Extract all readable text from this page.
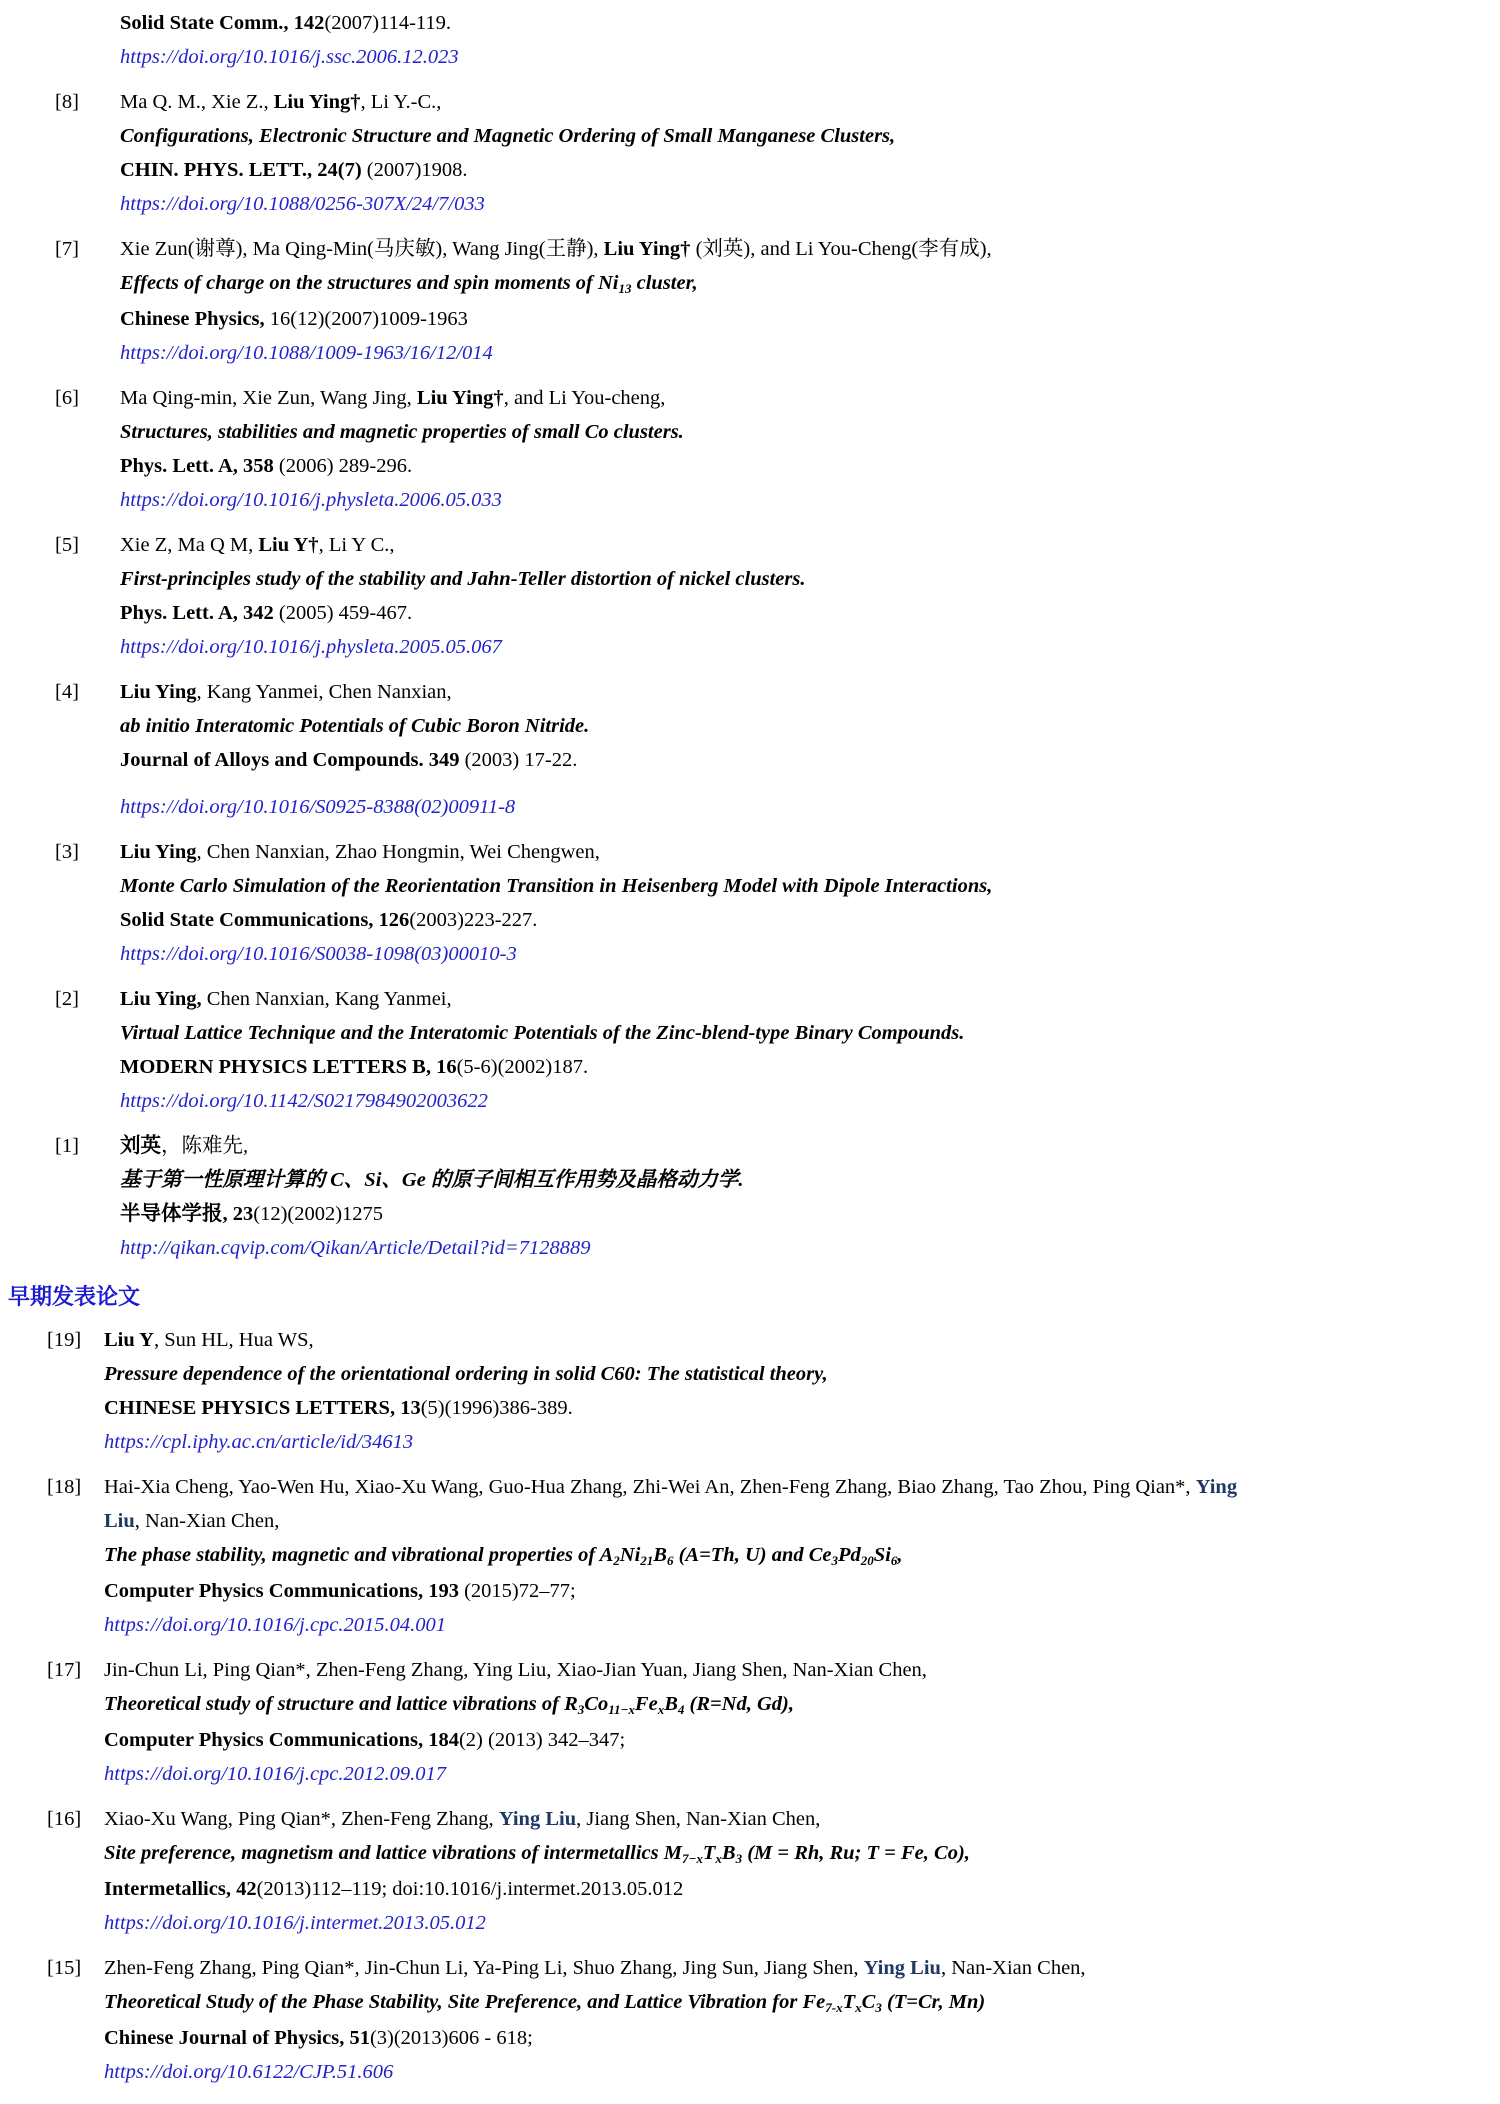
Solid State Comm., 142(2007)114-119.
https://doi.org/10.1016/j.ssc.2006.12.023
[8] Ma Q. M., Xie Z., Liu Ying†, Li Y.-C.,
Configurations, Electronic Structure and Magnetic Ordering of Small Manganese Clusters,
CHIN. PHYS. LETT., 24(7) (2007)1908.
https://doi.org/10.1088/0256-307X/24/7/033
[7] Xie Zun(谢尊), Ma Qing-Min(马庆敏), Wang Jing(王静), Liu Ying† (刘英), and Li You-Cheng(李有成),
Effects of charge on the structures and spin moments of Ni13 cluster,
Chinese Physics, 16(12)(2007)1009-1963
https://doi.org/10.1088/1009-1963/16/12/014
[6] Ma Qing-min, Xie Zun, Wang Jing, Liu Ying†, and Li You-cheng,
Structures, stabilities and magnetic properties of small Co clusters.
Phys. Lett. A, 358 (2006) 289-296.
https://doi.org/10.1016/j.physleta.2006.05.033
[5] Xie Z, Ma Q M, Liu Y†, Li Y C.,
First-principles study of the stability and Jahn-Teller distortion of nickel clusters.
Phys. Lett. A, 342 (2005) 459-467.
https://doi.org/10.1016/j.physleta.2005.05.067
[4] Liu Ying, Kang Yanmei, Chen Nanxian,
ab initio Interatomic Potentials of Cubic Boron Nitride.
Journal of Alloys and Compounds. 349 (2003) 17-22.
https://doi.org/10.1016/S0925-8388(02)00911-8
[3] Liu Ying, Chen Nanxian, Zhao Hongmin, Wei Chengwen,
Monte Carlo Simulation of the Reorientation Transition in Heisenberg Model with Dipole Interactions,
Solid State Communications, 126(2003)223-227.
https://doi.org/10.1016/S0038-1098(03)00010-3
[2] Liu Ying, Chen Nanxian, Kang Yanmei,
Virtual Lattice Technique and the Interatomic Potentials of the Zinc-blend-type Binary Compounds.
MODERN PHYSICS LETTERS B, 16(5-6)(2002)187.
https://doi.org/10.1142/S0217984902003622
[1] 刘英，陈难先,
基于第一性原理计算的 C、Si、Ge 的原子间相互作用势及晶格动力学.
半导体学报, 23(12)(2002)1275
http://qikan.cqvip.com/Qikan/Article/Detail?id=7128889
早期发表论文
[19] Liu Y, Sun HL, Hua WS,
Pressure dependence of the orientational ordering in solid C60: The statistical theory,
CHINESE PHYSICS LETTERS, 13(5)(1996)386-389.
https://cpl.iphy.ac.cn/article/id/34613
[18] Hai-Xia Cheng, Yao-Wen Hu, Xiao-Xu Wang, Guo-Hua Zhang, Zhi-Wei An, Zhen-Feng Zhang, Biao Zhang, Tao Zhou, Ping Qian*, Ying
Liu, Nan-Xian Chen,
The phase stability, magnetic and vibrational properties of A2Ni21B6 (A=Th, U) and Ce3Pd20Si6,
Computer Physics Communications, 193 (2015)72–77;
https://doi.org/10.1016/j.cpc.2015.04.001
[17] Jin-Chun Li, Ping Qian*, Zhen-Feng Zhang, Ying Liu, Xiao-Jian Yuan, Jiang Shen, Nan-Xian Chen,
Theoretical study of structure and lattice vibrations of R3Co11−xFexB4 (R=Nd, Gd),
Computer Physics Communications, 184(2) (2013) 342–347;
https://doi.org/10.1016/j.cpc.2012.09.017
[16] Xiao-Xu Wang, Ping Qian*, Zhen-Feng Zhang, Ying Liu, Jiang Shen, Nan-Xian Chen,
Site preference, magnetism and lattice vibrations of intermetallics M7−xTxB3 (M = Rh, Ru; T = Fe, Co),
Intermetallics, 42(2013)112–119; doi:10.1016/j.intermet.2013.05.012
https://doi.org/10.1016/j.intermet.2013.05.012
[15] Zhen-Feng Zhang, Ping Qian*, Jin-Chun Li, Ya-Ping Li, Shuo Zhang, Jing Sun, Jiang Shen, Ying Liu, Nan-Xian Chen,
Theoretical Study of the Phase Stability, Site Preference, and Lattice Vibration for Fe7-xTxC3 (T=Cr, Mn)
Chinese Journal of Physics, 51(3)(2013)606 - 618;
https://doi.org/10.6122/CJP.51.606
